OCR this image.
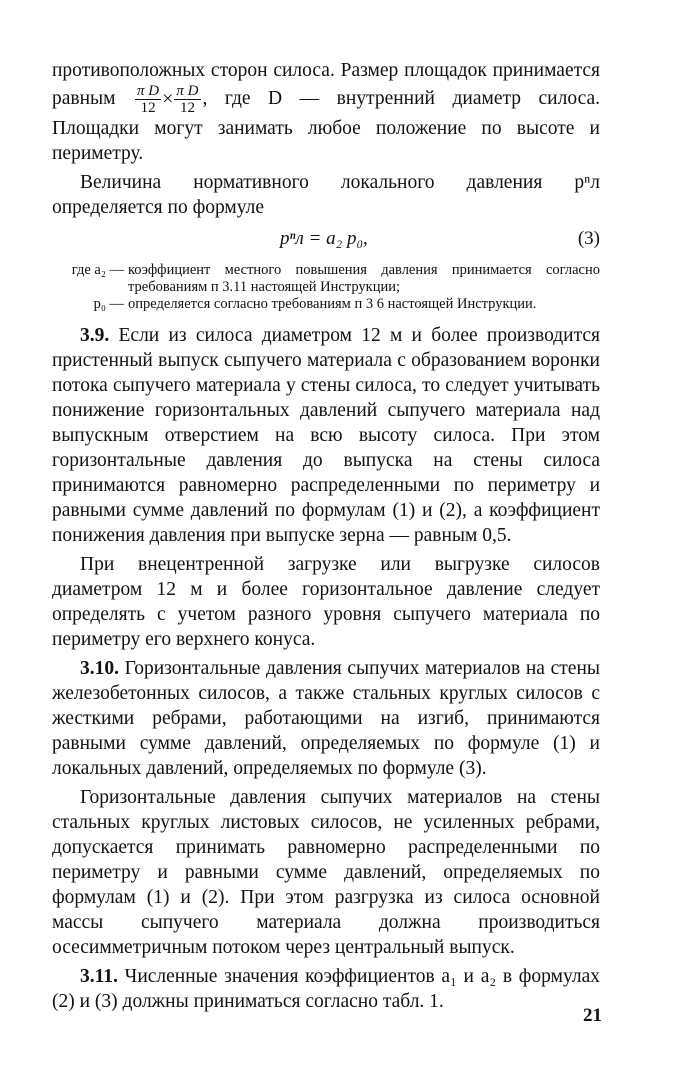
противоположных сторон силоса. Размер площадок принимается равным $\frac{\text{π D}}{12} \times \frac{\text{π D}}{12}$ , где D — внутренний диаметр силоса. Площадки могут занимать любое положение по высоте и периметру.

Величина нормативного локального давления pⁿл определяется по формуле

pⁿл = a₂ p₀,	(3)
где a₂ — коэффициент местного повышения давления принимается согласно требованиям п 3.11 настоящей Инструкции;
p₀ — определяется согласно требованиям п 3 6 настоящей Инструкции.

3.9. Если из силоса диаметром 12 м и более производится пристенный выпуск сыпучего материала с образованием воронки потока сыпучего материала у стены силоса, то следует учитывать понижение горизонтальных давлений сыпучего материала над выпускным отверстием на всю высоту силоса. При этом горизонтальные давления до выпуска на стены силоса принимаются равномерно распределенными по периметру и равными сумме давлений по формулам (1) и (2), а коэффициент понижения давления при выпуске зерна — равным 0,5.

При внецентренной загрузке или выгрузке силосов диаметром 12 м и более горизонтальное давление следует определять с учетом разного уровня сыпучего материала по периметру его верхнего конуса.

3.10. Горизонтальные давления сыпучих материалов на стены железобетонных силосов, а также стальных круглых силосов с жесткими ребрами, работающими на изгиб, принимаются равными сумме давлений, определяемых по формуле (1) и локальных давлений, определяемых по формуле (3).

Горизонтальные давления сыпучих материалов на стены стальных круглых листовых силосов, не усиленных ребрами, допускается принимать равномерно распределенными по периметру и равными сумме давлений, определяемых по формулам (1) и (2). При этом разгрузка из силоса основной массы сыпучего материала должна производиться осесимметричным потоком через центральный выпуск.

3.11. Численные значения коэффициентов a₁ и a₂ в формулах (2) и (3) должны приниматься согласно табл. 1.

21
